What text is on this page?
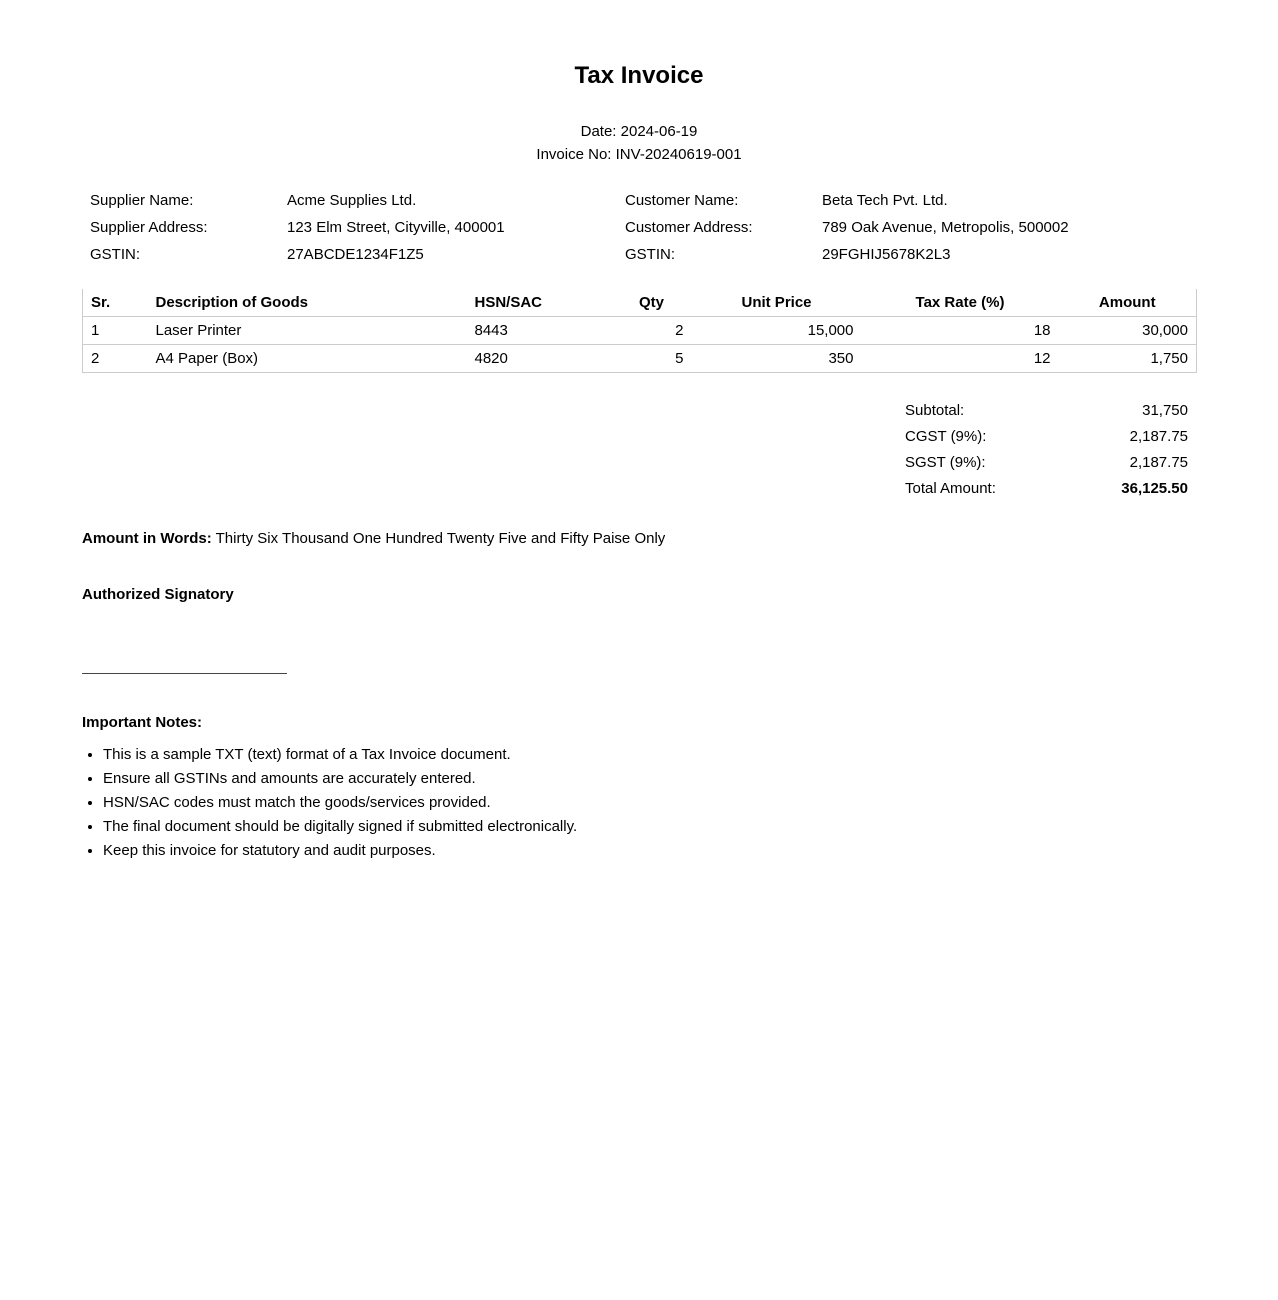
Tax Invoice
Date: 2024-06-19
Invoice No: INV-20240619-001
Supplier Name:	Acme Supplies Ltd.
Supplier Address:	123 Elm Street, Cityville, 400001
GSTIN:	27ABCDE1234F1Z5
Customer Name:	Beta Tech Pvt. Ltd.
Customer Address:	789 Oak Avenue, Metropolis, 500002
GSTIN:	29FGHIJ5678K2L3
Sr.	Description of Goods	HSN/SAC	Qty	Unit Price	Tax Rate (%)	Amount
1	Laser Printer	8443	2	15,000	18	30,000
2	A4 Paper (Box)	4820	5	350	12	1,750
Subtotal:	31,750
CGST (9%):	2,187.75
SGST (9%):	2,187.75
Total Amount:	36,125.50
Amount in Words: Thirty Six Thousand One Hundred Twenty Five and Fifty Paise Only
Authorized Signatory
Important Notes:
• This is a sample TXT (text) format of a Tax Invoice document.
• Ensure all GSTINs and amounts are accurately entered.
• HSN/SAC codes must match the goods/services provided.
• The final document should be digitally signed if submitted electronically.
• Keep this invoice for statutory and audit purposes.
